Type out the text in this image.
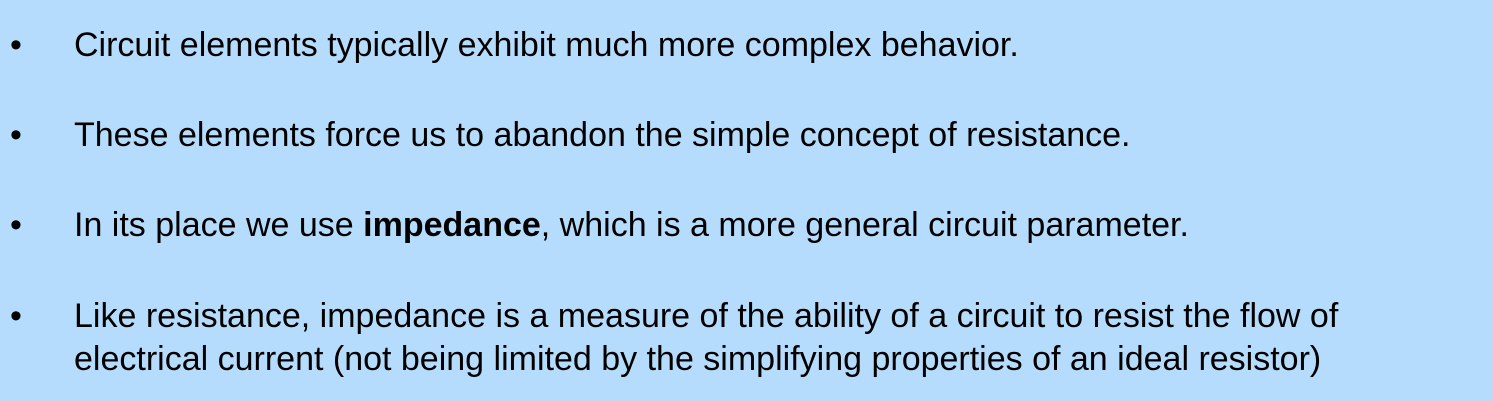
• Circuit elements typically exhibit much more complex behavior.
• These elements force us to abandon the simple concept of resistance.
• In its place we use impedance, which is a more general circuit parameter.
• Like resistance, impedance is a measure of the ability of a circuit to resist the flow of
electrical current (not being limited by the simplifying properties of an ideal resistor)
